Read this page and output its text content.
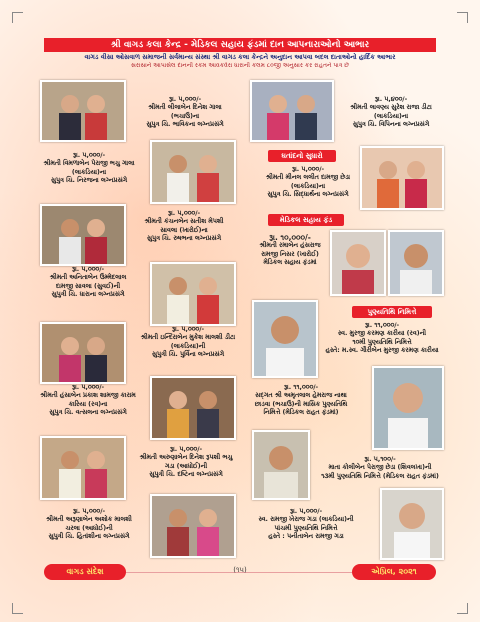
શ્રી વાગડ કલા કેન્દ્ર - મેડિકલ સહાય ફંડમાં દાન આપનારાઓનો આભાર
વાગડ વીસા ઓસવાળ સમાજની સર્વમાન્ય સંસ્થા શ્રી વાગડ કલા કેન્દ્રને અનુદાન આપવા બદલ દાતાઓનો હાર્દિક આભાર
સરાસાને આપાસેલ દાનની રકમ આવકવેરા ધારાની કલમ ૮૦જી અનુસાર કર રાહતને પાત્ર છે
રૂા. ૫,૦૦૦/-
શ્રીમતી લીલાબેન દિનેશ ગાલા
(ભચાઉ)ના
સુપુત્ર ચિ. ભાવિકના લગ્નપ્રસંગે
રૂા. ૫,૪૦૦/-
શ્રીમતી લાવણ્ય સુરેશ રાજા ડીટા
(લાકડિયા)ના
સુપુત્ર ચિ. વિપિનના લગ્નપ્રસંગે
રૂા. ૫,૦૦૦/-
શ્રીમતી વિમળાબેન પેરાજી ભચુ ગાલા
(લાકડિયા)ના
સુપુત્ર ચિ. નિરજના લગ્નપ્રસંગે
ઘતાંદનો સુધારો
રૂા. ૫,૦૦૦/-
શ્રીમતી મીનલ લલીત દામજી છેડા
(લાકડિયા)ના
સુપુત્ર ચિ. સિદ્ધાર્થના લગ્નપ્રસંગે
રૂા. ૫,૦૦૦/-
શ્રીમતી કંચનબેન સતીશ મેપશી
સાવલા (ખારોઈ)ના
સુપુત્ર ચિ. રુષભના લગ્નપ્રસંગે
મેડિકલ સહાય ફંડ
રૂા. ૧૦,૦૦૦/-
શ્રીમતી રમાબેન હંસરાજ
રામજી નિસર (ખારોઈ)
મેડિકલ સહાય ફંડમાં
રૂા. ૫,૦૦૦/-
શ્રીમતી અનિતાબેન ઉમ્મેદલાલ
દામજી સાવલા (સુવઈ)ની
સુપુત્રી ચિ. ધારાના લગ્નપ્રસંગે
પુણ્યતિથિ નિમિત્તે
રૂા. ૧૧,૦૦૦/-
સ્વ. મુરજી કરમણ કારીયા (રવ)ની
૧૦મી પુણ્યતિથિ નિમિત્તે
હસ્તે: મ.સ્વ. ગૌરીબેન મુરજી કરમણ કારીયા
રૂા. ૫,૦૦૦/-
શ્રીમતી ઇન્દિરાબેન મુકેશ માલશી ડીટા
(લાકડિયા)ની
સુપુત્રી ચિ. પુર્વિના લગ્નપ્રસંગે
રૂા. ૫,૦૦૦/-
શ્રીમતી હંસાબેન પ્રકાશ શામજી કારામ
કારિયા (રવ)ના
સુપુત્ર ચિ. વત્સલના લગ્નપ્રસંગે
રૂા. ૧૧,૦૦૦/-
સદ્ગત શ્રી અમૃતલાલ હેમરાજ નાથા
છાડવા (ભચાઉ)ની માસિક પુણ્યતિથિ
નિમિત્તે (મેડિકલ રાહત ફંડમાં)
રૂા. ૫,૦૦૦/-
શ્રીમતી અરુણાબેન દિનેશ રૂપશી ભચુ
ગડા (આધોઈ)ની
સુપુત્રી ચિ. દષ્ટિના લગ્નપ્રસંગે
રૂા. ૫,૧૦૦/-
માતા કોલીબેન પેરાજી છેડા (શિવલખા)ની
૧૩મી પુણ્યતિથિ નિમિત્તે (મેડિકલ રાહત ફંડમાં)
રૂા. ૫,૦૦૦/-
શ્રીમતી અરૂણાબેન અશોક માલશી
ચરલા (આધોઈ)ની
સુપુત્રી ચિ. હિતાંશીના લગ્નપ્રસંગે
રૂા. ૫,૦૦૦/-
સ્વ. રામજી ખેરાજ ગડા (લાકડિયા)ની
પાંચમી પુણ્યતિથિ નિમિત્તે
હસ્તે : પનીતાબેન રામજી ગડા
વાગડ સંદેશ	(૧૫)	એપ્રિલ, ૨૦૨૧
